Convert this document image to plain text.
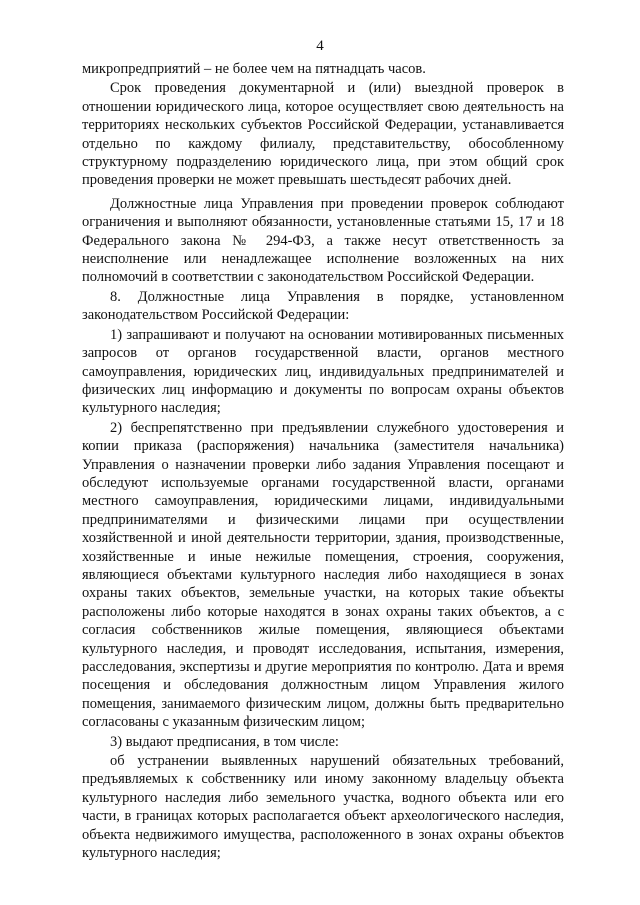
4

микропредприятий – не более чем на пятнадцать часов.

Срок проведения документарной и (или) выездной проверок в отношении юридического лица, которое осуществляет свою деятельность на территориях нескольких субъектов Российской Федерации, устанавливается отдельно по каждому филиалу, представительству, обособленному структурному подразделению юридического лица, при этом общий срок проведения проверки не может превышать шестьдесят рабочих дней.

Должностные лица Управления при проведении проверок соблюдают ограничения и выполняют обязанности, установленные статьями 15, 17 и 18 Федерального закона № 294-ФЗ, а также несут ответственность за неисполнение или ненадлежащее исполнение возложенных на них полномочий в соответствии с законодательством Российской Федерации.

8. Должностные лица Управления в порядке, установленном законодательством Российской Федерации:

1) запрашивают и получают на основании мотивированных письменных запросов от органов государственной власти, органов местного самоуправления, юридических лиц, индивидуальных предпринимателей и физических лиц информацию и документы по вопросам охраны объектов культурного наследия;

2) беспрепятственно при предъявлении служебного удостоверения и копии приказа (распоряжения) начальника (заместителя начальника) Управления о назначении проверки либо задания Управления посещают и обследуют используемые органами государственной власти, органами местного самоуправления, юридическими лицами, индивидуальными предпринимателями и физическими лицами при осуществлении хозяйственной и иной деятельности территории, здания, производственные, хозяйственные и иные нежилые помещения, строения, сооружения, являющиеся объектами культурного наследия либо находящиеся в зонах охраны таких объектов, земельные участки, на которых такие объекты расположены либо которые находятся в зонах охраны таких объектов, а с согласия собственников жилые помещения, являющиеся объектами культурного наследия, и проводят исследования, испытания, измерения, расследования, экспертизы и другие мероприятия по контролю. Дата и время посещения и обследования должностным лицом Управления жилого помещения, занимаемого физическим лицом, должны быть предварительно согласованы с указанным физическим лицом;

3) выдают предписания, в том числе:

об устранении выявленных нарушений обязательных требований, предъявляемых к собственнику или иному законному владельцу объекта культурного наследия либо земельного участка, водного объекта или его части, в границах которых располагается объект археологического наследия, объекта недвижимого имущества, расположенного в зонах охраны объектов культурного наследия;
